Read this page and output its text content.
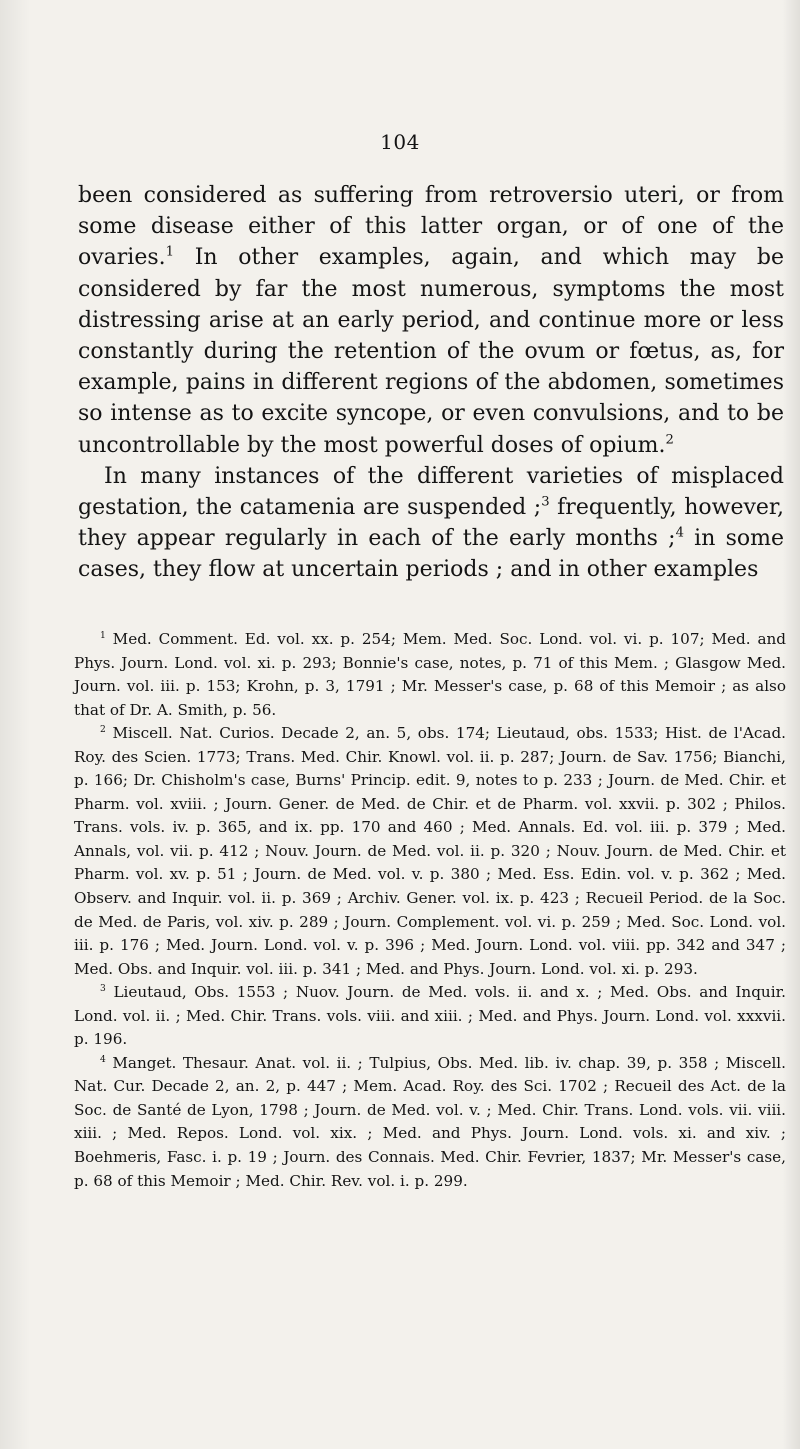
104

been considered as suffering from retroversio uteri, or from some disease either of this latter organ, or of one of the ovaries.$^1$ In other examples, again, and which may be considered by far the most numerous, symptoms the most distressing arise at an early period, and continue more or less constantly during the retention of the ovum or fœtus, as, for example, pains in different regions of the abdomen, sometimes so intense as to excite syncope, or even convulsions, and to be uncontrollable by the most powerful doses of opium.$^2$

In many instances of the different varieties of misplaced gestation, the catamenia are suspended ;$^3$ frequently, however, they appear regularly in each of the early months ;$^4$ in some cases, they flow at uncertain periods ; and in other examples

$^1$ Med. Comment. Ed. vol. xx. p. 254; Mem. Med. Soc. Lond. vol. vi. p. 107; Med. and Phys. Journ. Lond. vol. xi. p. 293; Bonnie's case, notes, p. 71 of this Mem. ; Glasgow Med. Journ. vol. iii. p. 153; Krohn, p. 3, 1791 ; Mr. Messer's case, p. 68 of this Memoir ; as also that of Dr. A. Smith, p. 56.

$^2$ Miscell. Nat. Curios. Decade 2, an. 5, obs. 174; Lieutaud, obs. 1533; Hist. de l'Acad. Roy. des Scien. 1773; Trans. Med. Chir. Knowl. vol. ii. p. 287; Journ. de Sav. 1756; Bianchi, p. 166; Dr. Chisholm's case, Burns' Princip. edit. 9, notes to p. 233 ; Journ. de Med. Chir. et Pharm. vol. xviii. ; Journ. Gener. de Med. de Chir. et de Pharm. vol. xxvii. p. 302 ; Philos. Trans. vols. iv. p. 365, and ix. pp. 170 and 460 ; Med. Annals. Ed. vol. iii. p. 379 ; Med. Annals, vol. vii. p. 412 ; Nouv. Journ. de Med. vol. ii. p. 320 ; Nouv. Journ. de Med. Chir. et Pharm. vol. xv. p. 51 ; Journ. de Med. vol. v. p. 380 ; Med. Ess. Edin. vol. v. p. 362 ; Med. Observ. and Inquir. vol. ii. p. 369 ; Archiv. Gener. vol. ix. p. 423 ; Recueil Period. de la Soc. de Med. de Paris, vol. xiv. p. 289 ; Journ. Complement. vol. vi. p. 259 ; Med. Soc. Lond. vol. iii. p. 176 ; Med. Journ. Lond. vol. v. p. 396 ; Med. Journ. Lond. vol. viii. pp. 342 and 347 ; Med. Obs. and Inquir. vol. iii. p. 341 ; Med. and Phys. Journ. Lond. vol. xi. p. 293.

$^3$ Lieutaud, Obs. 1553 ; Nuov. Journ. de Med. vols. ii. and x. ; Med. Obs. and Inquir. Lond. vol. ii. ; Med. Chir. Trans. vols. viii. and xiii. ; Med. and Phys. Journ. Lond. vol. xxxvii. p. 196.

$^4$ Manget. Thesaur. Anat. vol. ii. ; Tulpius, Obs. Med. lib. iv. chap. 39, p. 358 ; Miscell. Nat. Cur. Decade 2, an. 2, p. 447 ; Mem. Acad. Roy. des Sci. 1702 ; Recueil des Act. de la Soc. de Santé de Lyon, 1798 ; Journ. de Med. vol. v. ; Med. Chir. Trans. Lond. vols. vii. viii. xiii. ; Med. Repos. Lond. vol. xix. ; Med. and Phys. Journ. Lond. vols. xi. and xiv. ; Boehmeris, Fasc. i. p. 19 ; Journ. des Connais. Med. Chir. Fevrier, 1837; Mr. Messer's case, p. 68 of this Memoir ; Med. Chir. Rev. vol. i. p. 299.
